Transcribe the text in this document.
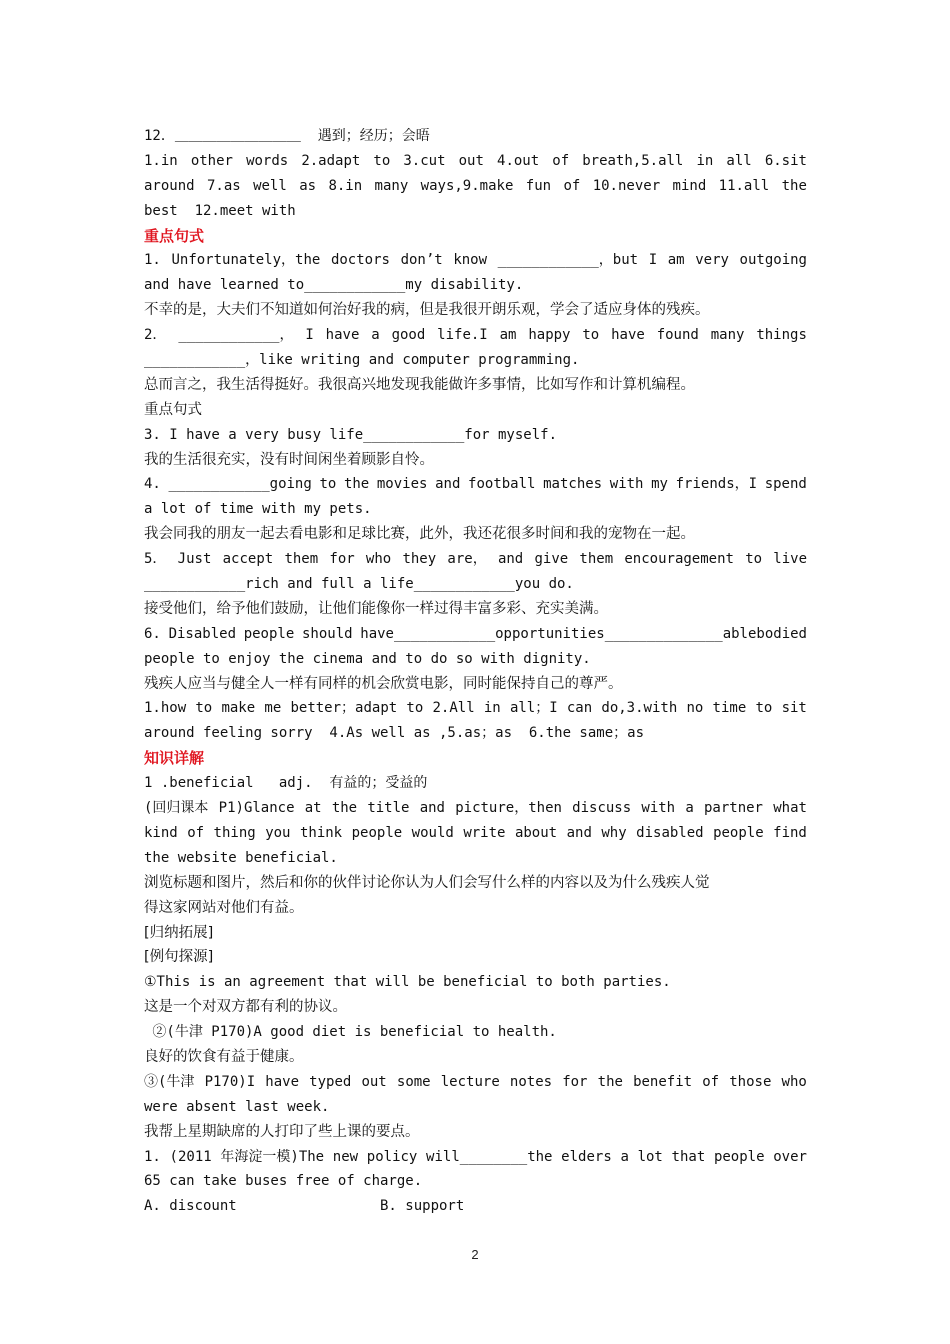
12．＿＿＿＿＿＿＿＿＿  遇到；经历；会晤
1.in other words 2.adapt to 3.cut out 4.out of breath,5.all in all 6.sit
around 7.as well as 8.in many ways,9.make fun of 10.never mind 11.all the
best  12.meet with
重点句式
1. Unfortunately，the doctors don’t know ____________，but I am very outgoing
and have learned to____________my disability.
不幸的是，大夫们不知道如何治好我的病，但是我很开朗乐观，学会了适应身体的残疾。
2． ____________， I have a good life.I am happy to have found many things
____________，like writing and computer programming.
总而言之，我生活得挺好。我很高兴地发现我能做许多事情，比如写作和计算机编程。
重点句式
3. I have a very busy life____________for myself.
我的生活很充实，没有时间闲坐着顾影自怜。
4. ____________going to the movies and football matches with my friends，I spend
a lot of time with my pets.
我会同我的朋友一起去看电影和足球比赛，此外，我还花很多时间和我的宠物在一起。
5． Just accept them for who they are， and give them encouragement to live
____________rich and full a life____________you do.
接受他们，给予他们鼓励，让他们能像你一样过得丰富多彩、充实美满。
6. Disabled people should have____________opportunities______________ablebodied
people to enjoy the cinema and to do so with dignity.
残疾人应当与健全人一样有同样的机会欣赏电影，同时能保持自己的尊严。
1.how to make me better；adapt to 2.All in all；I can do,3.with no time to sit
around feeling sorry  4.As well as ,5.as；as  6.the same；as
知识详解
1 .beneficial   adj.  有益的；受益的
(回归课本 P1)Glance at the title and picture，then discuss with a partner what
kind of thing you think people would write about and why disabled people find
the website beneficial.
浏览标题和图片，然后和你的伙伴讨论你认为人们会写什么样的内容以及为什么残疾人觉
得这家网站对他们有益。
[归纳拓展]
[例句探源]
①This is an agreement that will be beneficial to both parties.
这是一个对双方都有利的协议。
②(牛津 P170)A good diet is beneficial to health.
良好的饮食有益于健康。
③(牛津 P170)I have typed out some lecture notes for the benefit of those who
were absent last week.
我帮上星期缺席的人打印了些上课的要点。
1. (2011 年海淀一模)The new policy will________the elders a lot that people over
65 can take buses free of charge.
A. discount                 B. support
2
